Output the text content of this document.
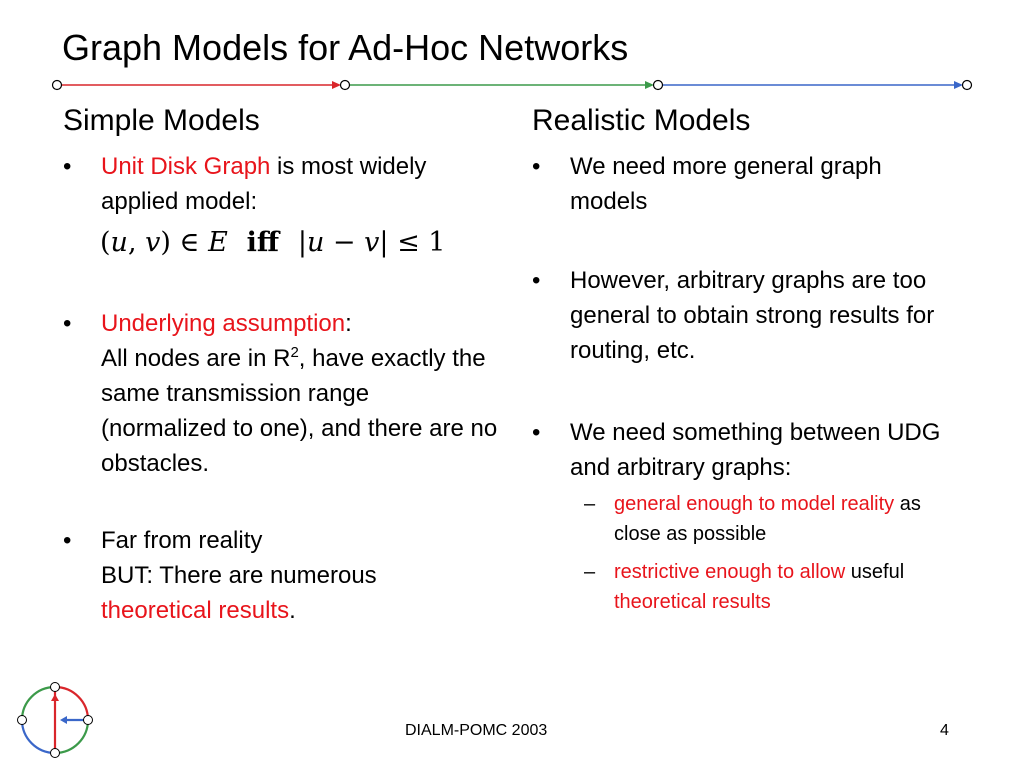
Graph Models for Ad-Hoc Networks
Simple Models
• Unit Disk Graph is most widely applied model:
(u, v) ∈ E  iff  |u − v| ≤ 1
• Underlying assumption:
All nodes are in $R^2$, have exactly the same transmission range (normalized to one), and there are no obstacles.
• Far from reality
BUT: There are numerous
theoretical results.
Realistic Models
• We need more general graph models
• However, arbitrary graphs are too general to obtain strong results for routing, etc.
• We need something between UDG and arbitrary graphs:
– general enough to model reality as close as possible
– restrictive enough to allow useful theoretical results
DIALM-POMC 2003	4
